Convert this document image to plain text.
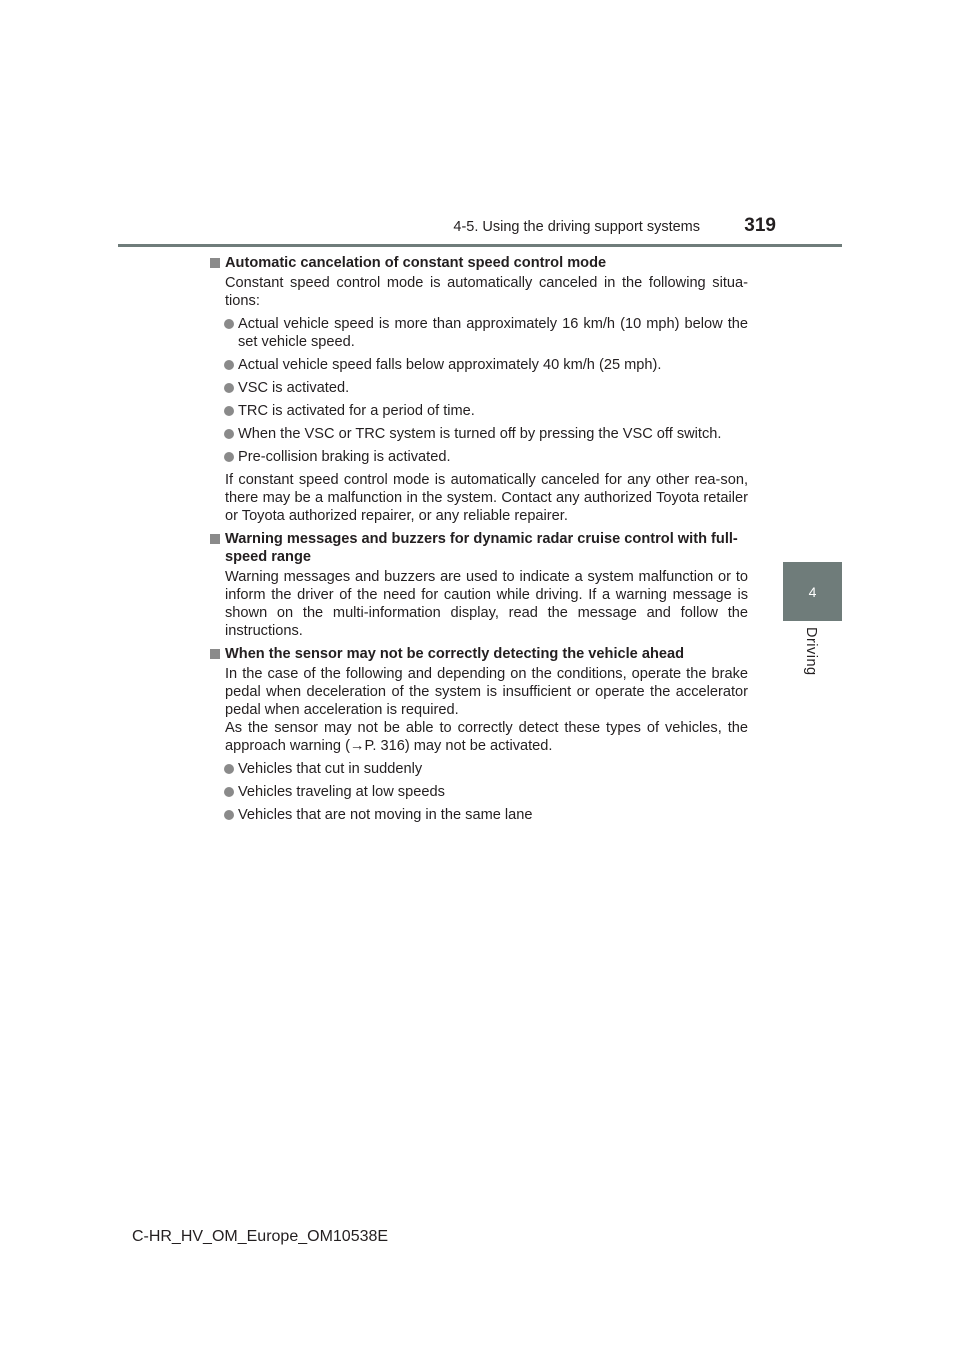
4-5. Using the driving support systems	319
4
Driving
Automatic cancelation of constant speed control mode
Constant speed control mode is automatically canceled in the following situa-tions:
Actual vehicle speed is more than approximately 16 km/h (10 mph) below the set vehicle speed.
Actual vehicle speed falls below approximately 40 km/h (25 mph).
VSC is activated.
TRC is activated for a period of time.
When the VSC or TRC system is turned off by pressing the VSC off switch.
Pre-collision braking is activated.
If constant speed control mode is automatically canceled for any other rea-son, there may be a malfunction in the system. Contact any authorized Toyota retailer or Toyota authorized repairer, or any reliable repairer.
Warning messages and buzzers for dynamic radar cruise control with full-speed range
Warning messages and buzzers are used to indicate a system malfunction or to inform the driver of the need for caution while driving. If a warning message is shown on the multi-information display, read the message and follow the instructions.
When the sensor may not be correctly detecting the vehicle ahead
In the case of the following and depending on the conditions, operate the brake pedal when deceleration of the system is insufficient or operate the accelerator pedal when acceleration is required.
As the sensor may not be able to correctly detect these types of vehicles, the approach warning (→P. 316) may not be activated.
Vehicles that cut in suddenly
Vehicles traveling at low speeds
Vehicles that are not moving in the same lane
C-HR_HV_OM_Europe_OM10538E
